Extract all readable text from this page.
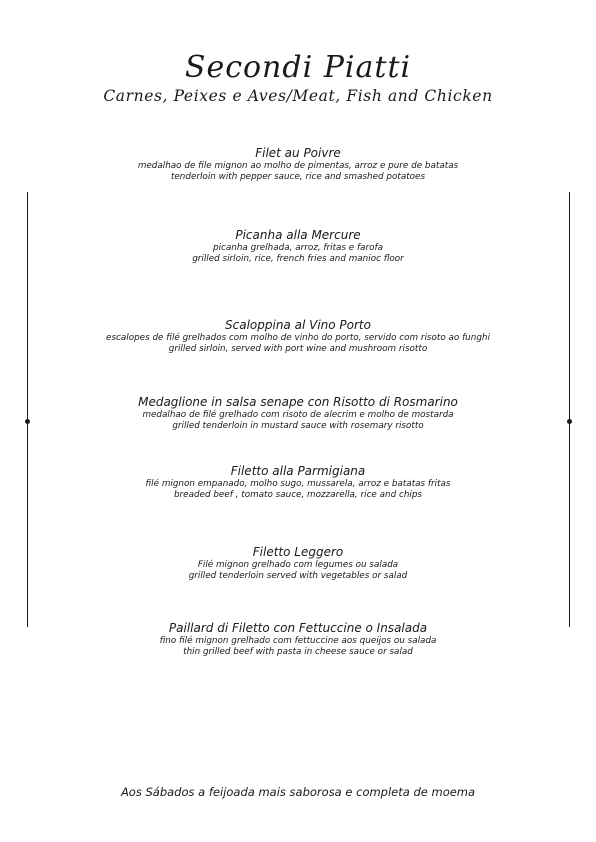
Secondi Piatti
Carnes, Peixes e Aves/Meat, Fish and Chicken
Filet au Poivre
medalhao de file mignon ao molho de pimentas, arroz e pure de batatas
tenderloin with pepper sauce, rice and smashed potatoes
Picanha alla Mercure
picanha grelhada, arroz, fritas e farofa
grilled sirloin, rice, french fries and manioc floor
Scaloppina al Vino Porto
escalopes de filé grelhados com molho de vinho do porto, servido com risoto ao funghi
grilled sirloin, served with port wine and mushroom risotto
Medaglione in salsa senape con Risotto di Rosmarino
medalhao de filé grelhado com risoto de alecrim e molho de mostarda
grilled tenderloin in mustard sauce with rosemary risotto
Filetto alla Parmigiana
filé mignon empanado, molho sugo, mussarela, arroz e batatas fritas
breaded beef , tomato sauce, mozzarella, rice and chips
Filetto Leggero
Filé mignon grelhado com legumes ou salada
grilled tenderloin served with vegetables or salad
Paillard di Filetto con Fettuccine o Insalada
fino filé mignon grelhado com fettuccine aos queijos ou salada
thin grilled beef with pasta in cheese sauce or salad
Aos Sábados a feijoada mais saborosa e completa de moema
